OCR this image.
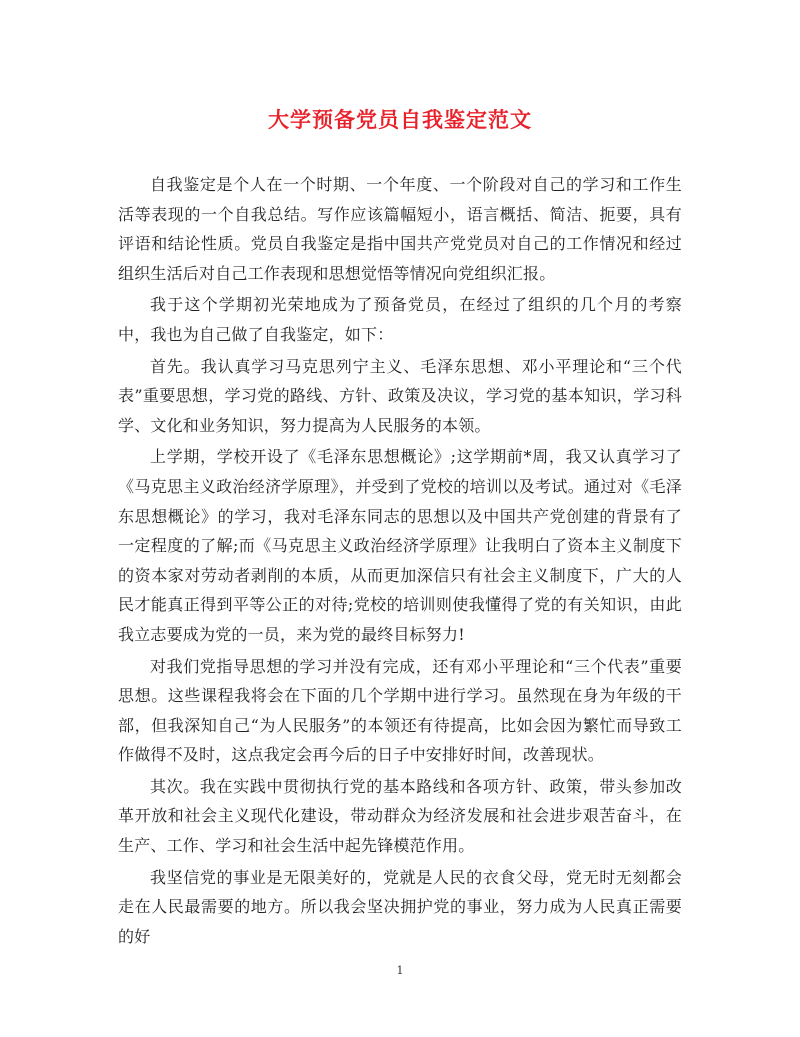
大学预备党员自我鉴定范文

自我鉴定是个人在一个时期、一个年度、一个阶段对自己的学习和工作生活等表现的一个自我总结。写作应该篇幅短小，语言概括、简洁、扼要，具有评语和结论性质。党员自我鉴定是指中国共产党党员对自己的工作情况和经过组织生活后对自己工作表现和思想觉悟等情况向党组织汇报。

我于这个学期初光荣地成为了预备党员，在经过了组织的几个月的考察中，我也为自己做了自我鉴定，如下：

首先。我认真学习马克思列宁主义、毛泽东思想、邓小平理论和“三个代表”重要思想，学习党的路线、方针、政策及决议，学习党的基本知识，学习科学、文化和业务知识，努力提高为人民服务的本领。

上学期，学校开设了《毛泽东思想概论》;这学期前*周，我又认真学习了《马克思主义政治经济学原理》，并受到了党校的培训以及考试。通过对《毛泽东思想概论》的学习，我对毛泽东同志的思想以及中国共产党创建的背景有了一定程度的了解;而《马克思主义政治经济学原理》让我明白了资本主义制度下的资本家对劳动者剥削的本质，从而更加深信只有社会主义制度下，广大的人民才能真正得到平等公正的对待;党校的培训则使我懂得了党的有关知识，由此我立志要成为党的一员，来为党的最终目标努力!

对我们党指导思想的学习并没有完成，还有邓小平理论和“三个代表”重要思想。这些课程我将会在下面的几个学期中进行学习。虽然现在身为年级的干部，但我深知自己“为人民服务”的本领还有待提高，比如会因为繁忙而导致工作做得不及时，这点我定会再今后的日子中安排好时间，改善现状。

其次。我在实践中贯彻执行党的基本路线和各项方针、政策，带头参加改革开放和社会主义现代化建设，带动群众为经济发展和社会进步艰苦奋斗，在生产、工作、学习和社会生活中起先锋模范作用。

我坚信党的事业是无限美好的，党就是人民的衣食父母，党无时无刻都会走在人民最需要的地方。所以我会坚决拥护党的事业，努力成为人民真正需要的好

1
